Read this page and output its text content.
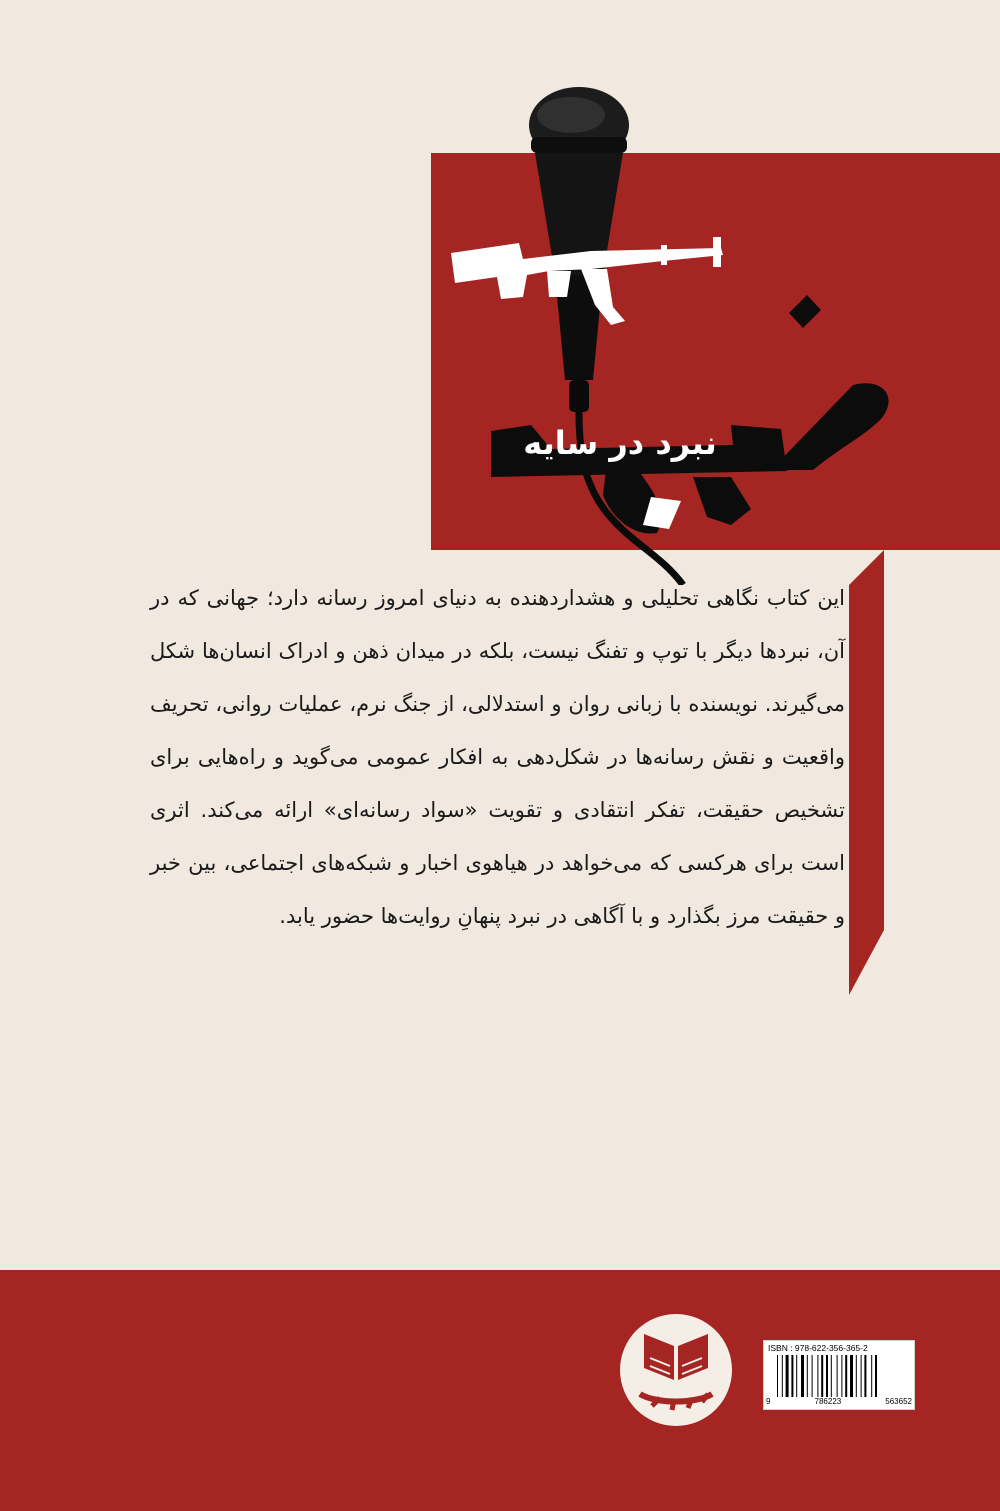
نبرد در سایه

این کتاب نگاهی تحلیلی و هشداردهنده به دنیای امروز رسانه دارد؛ جهانی که در آن، نبردها دیگر با توپ و تفنگ نیست، بلکه در میدان ذهن و ادراک انسان‌ها شکل می‌گیرند. نویسنده با زبانی روان و استدلالی، از جنگ نرم، عملیات روانی، تحریف واقعیت و نقش رسانه‌ها در شکل‌دهی به افکار عمومی می‌گوید و راه‌هایی برای تشخیص حقیقت، تفکر انتقادی و تقویت «سواد رسانه‌ای» ارائه می‌کند. اثری است برای هرکسی که می‌خواهد در هیاهوی اخبار و شبکه‌های اجتماعی، بین خبر و حقیقت مرز بگذارد و با آگاهی در نبرد پنهانِ روایت‌ها حضور یابد.

ISBN : 978-622-356-365-2
9	786223	563652
